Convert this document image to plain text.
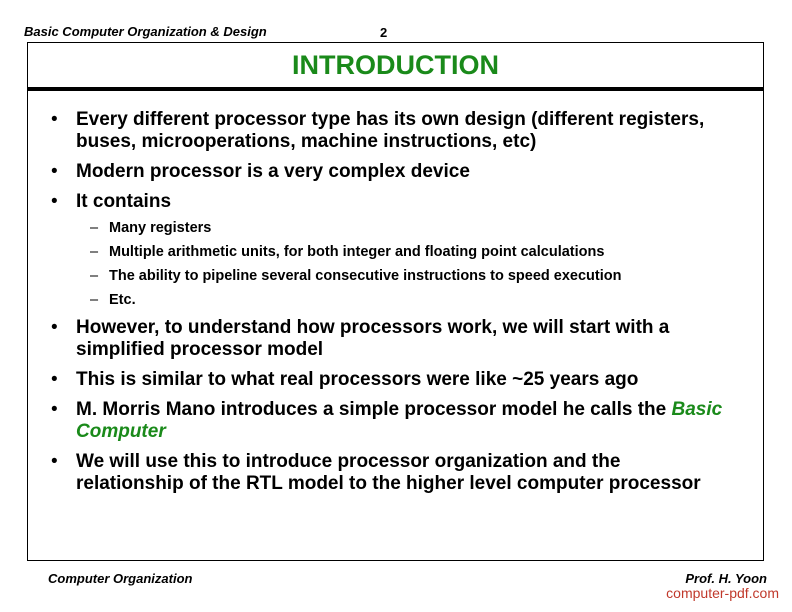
Basic Computer Organization & Design	2
INTRODUCTION
• Every different processor type has its own design (different registers, buses, microoperations, machine instructions, etc)
• Modern processor is a very complex device
• It contains
– Many registers
– Multiple arithmetic units, for both integer and floating point calculations
– The ability to pipeline several consecutive instructions to speed execution
– Etc.
• However, to understand how processors work, we will start with a simplified processor model
• This is similar to what real processors were like ~25 years ago
• M. Morris Mano introduces a simple processor model he calls the Basic Computer
• We will use this to introduce processor organization and the relationship of the RTL model to the higher level computer processor
Computer Organization	Prof. H. Yoon
computer-pdf.com
